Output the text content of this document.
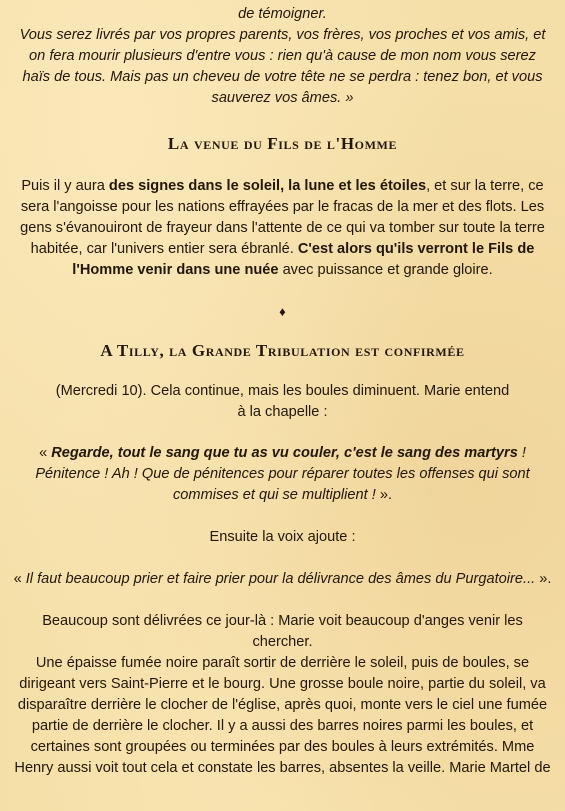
de témoigner.

Vous serez livrés par vos propres parents, vos frères, vos proches et vos amis, et on fera mourir plusieurs d'entre vous : rien qu'à cause de mon nom vous serez haïs de tous. Mais pas un cheveu de votre tête ne se perdra : tenez bon, et vous sauverez vos âmes. »

La venue du Fils de l'Homme

Puis il y aura des signes dans le soleil, la lune et les étoiles, et sur la terre, ce sera l'angoisse pour les nations effrayées par le fracas de la mer et des flots. Les gens s'évanouiront de frayeur dans l'attente de ce qui va tomber sur toute la terre habitée, car l'univers entier sera ébranlé. C'est alors qu'ils verront le Fils de l'Homme venir dans une nuée avec puissance et grande gloire.

♦

A Tilly, la Grande Tribulation est confirmée

(Mercredi 10). Cela continue, mais les boules diminuent. Marie entend à la chapelle :

« Regarde, tout le sang que tu as vu couler, c'est le sang des martyrs ! Pénitence ! Ah ! Que de pénitences pour réparer toutes les offenses qui sont commises et qui se multiplient ! ».

Ensuite la voix ajoute :

« Il faut beaucoup prier et faire prier pour la délivrance des âmes du Purgatoire... ».

Beaucoup sont délivrées ce jour-là : Marie voit beaucoup d'anges venir les chercher.

Une épaisse fumée noire paraît sortir de derrière le soleil, puis de boules, se dirigeant vers Saint-Pierre et le bourg. Une grosse boule noire, partie du soleil, va disparaître derrière le clocher de l'église, après quoi, monte vers le ciel une fumée partie de derrière le clocher. Il y a aussi des barres noires parmi les boules, et certaines sont groupées ou terminées par des boules à leurs extrémités. Mme Henry aussi voit tout cela et constate les barres, absentes la veille. Marie Martel de
